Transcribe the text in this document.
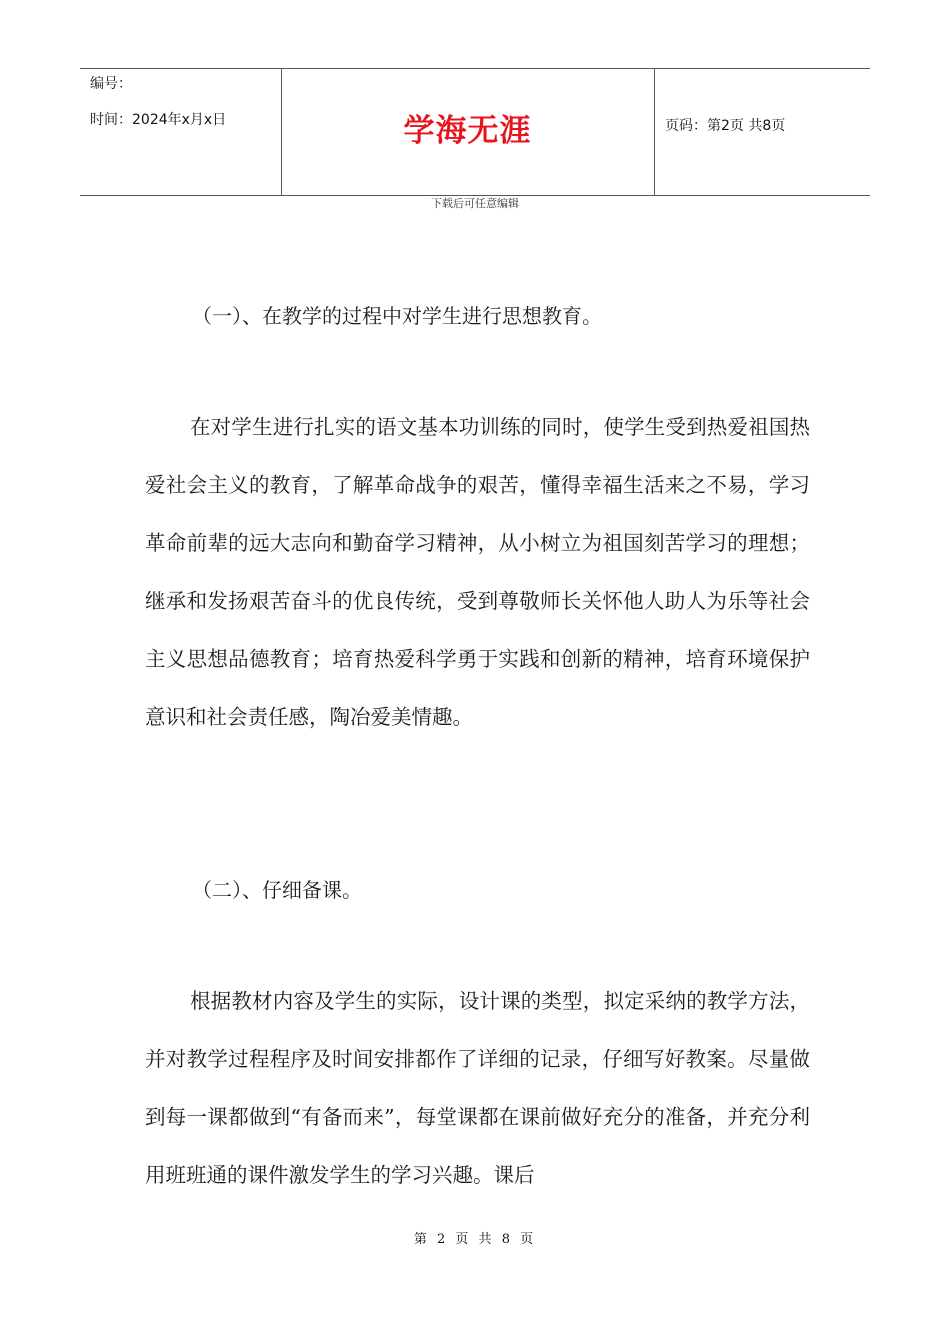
编号：
时间：2024年x月x日	学海无涯	页码：第2页 共8页
下载后可任意编辑
（一）、在教学的过程中对学生进行思想教育。
在对学生进行扎实的语文基本功训练的同时，使学生受到热爱祖国热爱社会主义的教育，了解革命战争的艰苦，懂得幸福生活来之不易，学习革命前辈的远大志向和勤奋学习精神，从小树立为祖国刻苦学习的理想；继承和发扬艰苦奋斗的优良传统，受到尊敬师长关怀他人助人为乐等社会主义思想品德教育；培育热爱科学勇于实践和创新的精神，培育环境保护意识和社会责任感，陶冶爱美情趣。
（二）、仔细备课。
根据教材内容及学生的实际，设计课的类型，拟定采纳的教学方法，并对教学过程程序及时间安排都作了详细的记录，仔细写好教案。尽量做到每一课都做到“有备而来”，每堂课都在课前做好充分的准备，并充分利用班班通的课件激发学生的学习兴趣。课后
第 2 页 共 8 页
